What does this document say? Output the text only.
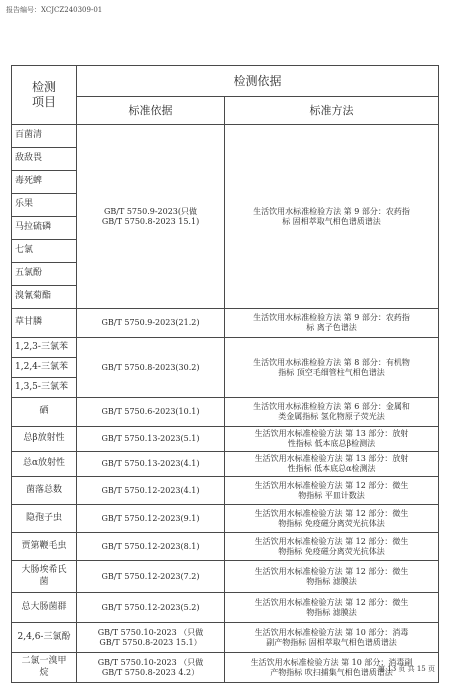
报告编号：XCJCZ240309-01
检测
项目	检测依据	
	标准依据	标准方法
百菌清	GB/T 5750.9-2023(只做
GB/T 5750.8-2023 15.1)	生活饮用水标准检验方法 第 9 部分：农药指
标 固相萃取气相色谱质谱法
敌敌畏		
毒死蜱		
乐果		
马拉硫磷		
七氯		
五氯酚		
溴氰菊酯		
草甘膦	GB/T 5750.9-2023(21.2)	生活饮用水标准检验方法 第 9 部分：农药指
标 离子色谱法
1,2,3-三氯苯	GB/T 5750.8-2023(30.2)	生活饮用水标准检验方法 第 8 部分：有机物
指标 顶空毛细管柱气相色谱法
1,2,4-三氯苯		
1,3,5-三氯苯		
硒	GB/T 5750.6-2023(10.1)	生活饮用水标准检验方法 第 6 部分：金属和
类金属指标 氢化物原子荧光法
总β放射性	GB/T 5750.13-2023(5.1)	生活饮用水标准检验方法 第 13 部分：放射
性指标 低本底总β检测法
总α放射性	GB/T 5750.13-2023(4.1)	生活饮用水标准检验方法 第 13 部分：放射
性指标 低本底总α检测法
菌落总数	GB/T 5750.12-2023(4.1)	生活饮用水标准检验方法 第 12 部分：微生
物指标 平皿计数法
隐孢子虫	GB/T 5750.12-2023(9.1)	生活饮用水标准检验方法 第 12 部分：微生
物指标 免疫磁分离荧光抗体法
贾第鞭毛虫	GB/T 5750.12-2023(8.1)	生活饮用水标准检验方法 第 12 部分：微生
物指标 免疫磁分离荧光抗体法
大肠埃希氏
菌	GB/T 5750.12-2023(7.2)	生活饮用水标准检验方法 第 12 部分：微生
物指标 滤膜法
总大肠菌群	GB/T 5750.12-2023(5.2)	生活饮用水标准检验方法 第 12 部分：微生
物指标 滤膜法
2,4,6-三氯酚	GB/T 5750.10-2023 （只做
GB/T 5750.8-2023 15.1）	生活饮用水标准检验方法 第 10 部分：消毒
副产物指标 固相萃取气相色谱质谱法
二氯一溴甲
烷	GB/T 5750.10-2023 （只做
GB/T 5750.8-2023 4.2）	生活饮用水标准检验方法 第 10 部分：消毒副
产物指标 吹扫捕集气相色谱质谱法
第 13 页 共 15 页
